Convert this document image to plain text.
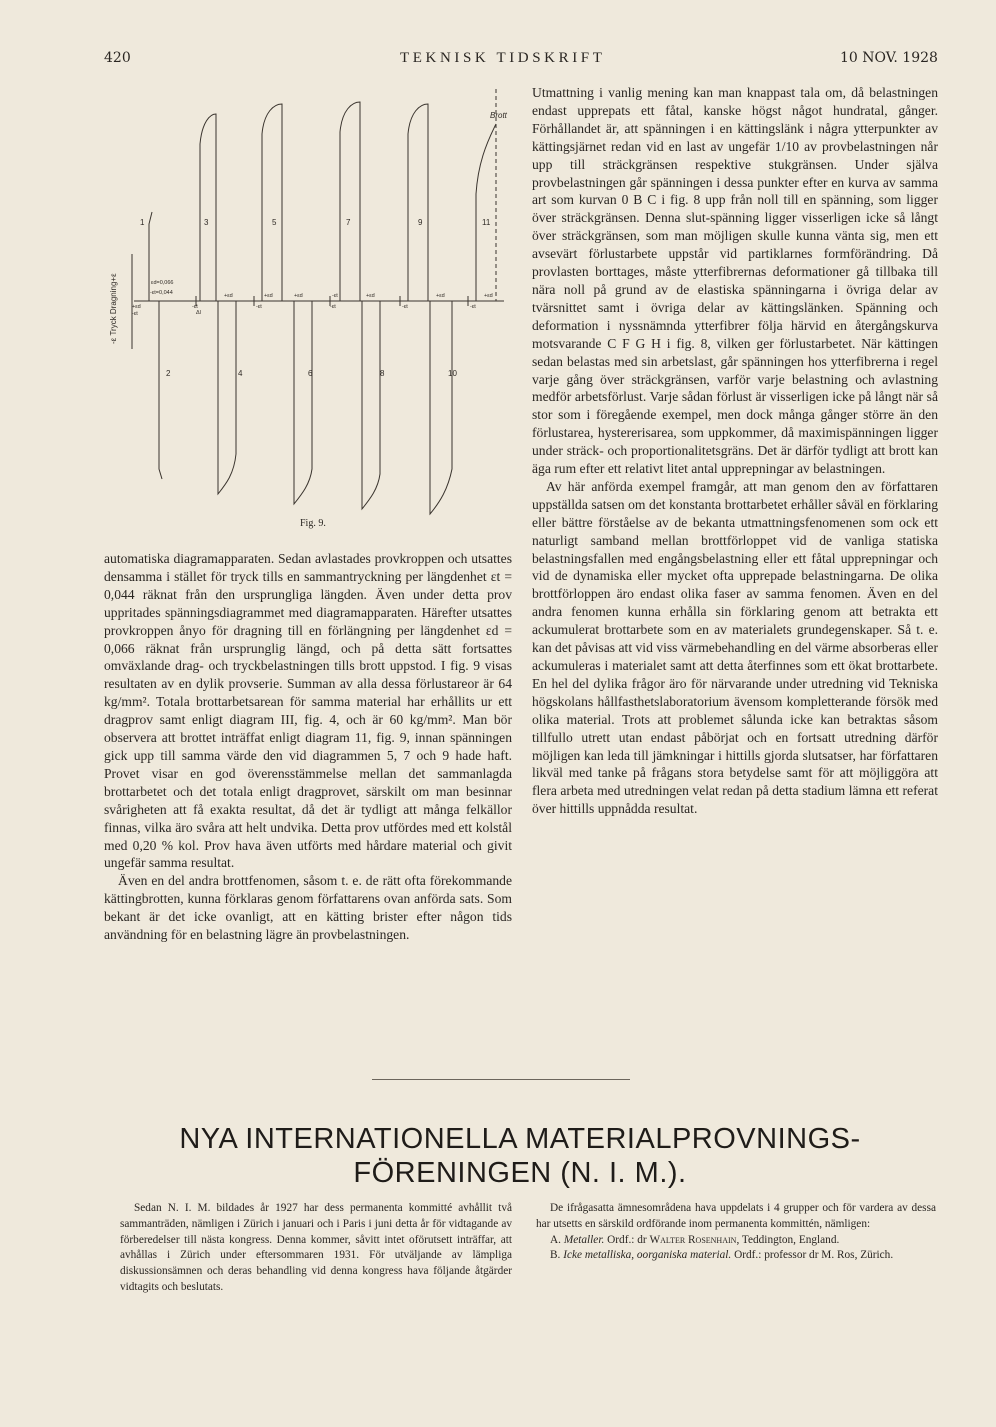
420	TEKNISK TIDSKRIFT	10 NOV. 1928
-ε Tryck Dragning+ε
Brott
1	3	5	7	9	11
2	4	6	8	10
εd=0,066
-εt=0,044
+εd
-εt	Δl
-εt
+εd
-εt
+εd
-εt
+εd
-εt
+εd
-εt
+εd
-εt
+εd
Fig. 9.

Utmattning i vanlig mening kan man knappast tala om, då belastningen endast upprepats ett fåtal, kanske högst något hundratal, gånger. Förhållandet är, att spänningen i en kättingslänk i några ytterpunkter av kättingsjärnet redan vid en last av ungefär 1/10 av provbelastningen når upp till sträckgränsen respektive stukgränsen. Under själva provbelastningen går spänningen i dessa punkter efter en kurva av samma art som kurvan 0 B C i fig. 8 upp från noll till en spänning, som ligger över sträckgränsen. Denna slut-spänning ligger visserligen icke så långt över sträckgränsen, som man möjligen skulle kunna vänta sig, men ett avsevärt förlustarbete uppstår vid partiklarnes formförändring. Då provlasten borttages, måste ytterfibrernas deformationer gå tillbaka till nära noll på grund av de elastiska spänningarna i övriga delar av tvärsnittet samt i övriga delar av kättingslänken. Spänning och deformation i nyssnämnda ytterfibrer följa härvid en återgångskurva motsvarande C F G H i fig. 8, vilken ger förlustarbetet. När kättingen sedan belastas med sin arbetslast, går spänningen hos ytterfibrerna i regel varje gång över sträckgränsen, varför varje belastning och avlastning medför arbetsförlust. Varje sådan förlust är visserligen icke på långt när så stor som i föregående exempel, men dock många gånger större än den förlustarea, hystererisarea, som uppkommer, då maximispänningen ligger under sträck- och proportionalitetsgräns. Det är därför tydligt att brott kan äga rum efter ett relativt litet antal upprepningar av belastningen.

Av här anförda exempel framgår, att man genom den av författaren uppställda satsen om det konstanta brottarbetet erhåller såväl en förklaring eller bättre förståelse av de bekanta utmattningsfenomenen som ock ett naturligt samband mellan brottförloppet vid de vanliga statiska belastningsfallen med engångsbelastning eller ett fåtal upprepningar och vid de dynamiska eller mycket ofta upprepade belastningarna. De olika brottförloppen äro endast olika faser av samma fenomen. Även en del andra fenomen kunna erhålla sin förklaring genom att betrakta ett ackumulerat brottarbete som en av materialets grundegenskaper. Så t. e. kan det påvisas att vid viss värmebehandling en del värme absorberas eller ackumuleras i materialet samt att detta återfinnes som ett ökat brottarbete. En hel del dylika frågor äro för närvarande under utredning vid Tekniska högskolans hållfasthetslaboratorium ävensom kompletterande försök med olika material. Trots att problemet sålunda icke kan betraktas såsom tillfullo utrett utan endast påbörjat och en fortsatt utredning därför möjligen kan leda till jämkningar i hittills gjorda slutsatser, har författaren likväl med tanke på frågans stora betydelse samt för att möjliggöra att flera arbeta med utredningen velat redan på detta stadium lämna ett referat över hittills uppnådda resultat.

automatiska diagramapparaten. Sedan avlastades provkroppen och utsattes densamma i stället för tryck tills en sammantryckning per längdenhet εt = 0,044 räknat från den ursprungliga längden. Även under detta prov uppritades spänningsdiagrammet med diagramapparaten. Härefter utsattes provkroppen ånyo för dragning till en förlängning per längdenhet εd = 0,066 räknat från ursprunglig längd, och på detta sätt fortsattes omväxlande drag- och tryckbelastningen tills brott uppstod. I fig. 9 visas resultaten av en dylik provserie. Summan av alla dessa förlustareor är 64 kg/mm². Totala brottarbetsarean för samma material har erhållits ur ett dragprov samt enligt diagram III, fig. 4, och är 60 kg/mm². Man bör observera att brottet inträffat enligt diagram 11, fig. 9, innan spänningen gick upp till samma värde den vid diagrammen 5, 7 och 9 hade haft. Provet visar en god överensstämmelse mellan det sammanlagda brottarbetet och det totala enligt dragprovet, särskilt om man besinnar svårigheten att få exakta resultat, då det är tydligt att många felkällor finnas, vilka äro svåra att helt undvika. Detta prov utfördes med ett kolstål med 0,20 % kol. Prov hava även utförts med hårdare material och givit ungefär samma resultat.

Även en del andra brottfenomen, såsom t. e. de rätt ofta förekommande kättingbrotten, kunna förklaras genom författarens ovan anförda sats. Som bekant är det icke ovanligt, att en kätting brister efter någon tids användning för en belastning lägre än provbelastningen.

NYA INTERNATIONELLA MATERIALPROVNINGS-
FÖRENINGEN (N. I. M.).

Sedan N. I. M. bildades år 1927 har dess permanenta kommitté avhållit två sammanträden, nämligen i Zürich i januari och i Paris i juni detta år för vidtagande av förberedelser till nästa kongress. Denna kommer, såvitt intet oförutsett inträffar, att avhållas i Zürich under eftersommaren 1931. För utväljande av lämpliga diskussionsämnen och deras behandling vid denna kongress hava följande åtgärder vidtagits och beslutats.

De ifrågasatta ämnesområdena hava uppdelats i 4 grupper och för vardera av dessa har utsetts en särskild ordförande inom permanenta kommittén, nämligen:

A. Metaller. Ordf.: dr Walter Rosenhain, Teddington, England.

B. Icke metalliska, oorganiska material. Ordf.: professor dr M. Ros, Zürich.
